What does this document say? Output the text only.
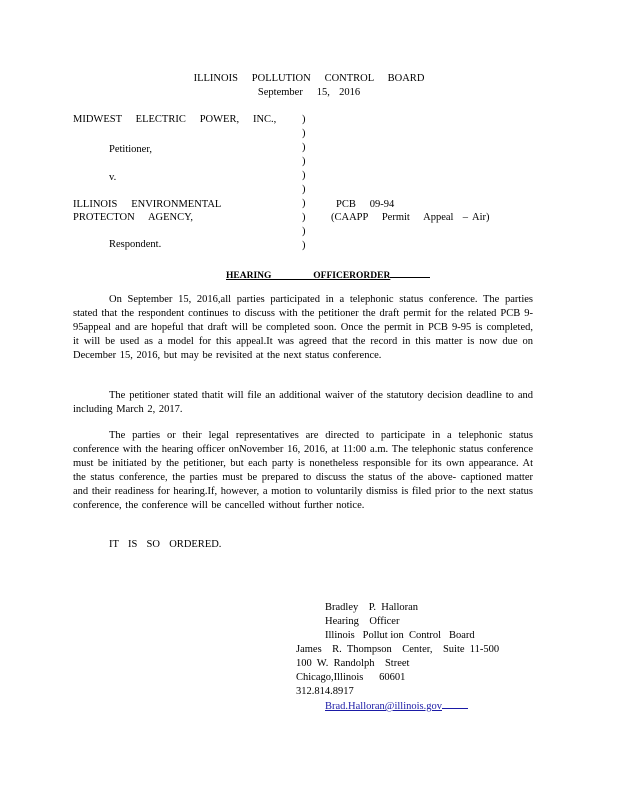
ILLINOIS   POLLUTION   CONTROL   BOARD
September   15,  2016
MIDWEST   ELECTRIC   POWER,   INC.,
Petitioner,
v.
ILLINOIS   ENVIRONMENTAL
PROTECTON   AGENCY,
Respondent.
)
)
)
)
)
)
)
)
)
)
PCB   09-94
(CAAPP   Permit   Appeal  – Air)
HEARING     OFFICERORDER

On September 15, 2016,all parties participated in a telephonic status conference. The parties stated that the respondent continues to discuss with the petitioner the draft permit for the related PCB 9-95appeal and are hopeful that draft will be completed soon. Once the permit in PCB 9-95 is completed, it will be used as a model for this appeal.It was agreed that the record in this matter is now due on December 15, 2016, but may be revisited at the next status conference.

The petitioner stated thatit will file an additional waiver of the statutory decision deadline to and including March 2, 2017.

The parties or their legal representatives are directed to participate in a telephonic status conference with the hearing officer onNovember 16, 2016, at 11:00 a.m. The telephonic status conference must be initiated by the petitioner, but each party is nonetheless responsible for its own appearance. At the status conference, the parties must be prepared to discuss the status of the above- captioned matter and their readiness for hearing.If, however, a motion to voluntarily dismiss is filed prior to the next status conference, the conference will be cancelled without further notice.

IT  IS  SO  ORDERED.
Bradley    P.  Halloran
Hearing    Officer
Illinois   Pollut ion  Control   Board
James    R.  Thompson    Center,    Suite  11-500
100  W.  Randolph    Street
Chicago,Illinois      60601
312.814.8917
Brad.Halloran@illinois.gov
